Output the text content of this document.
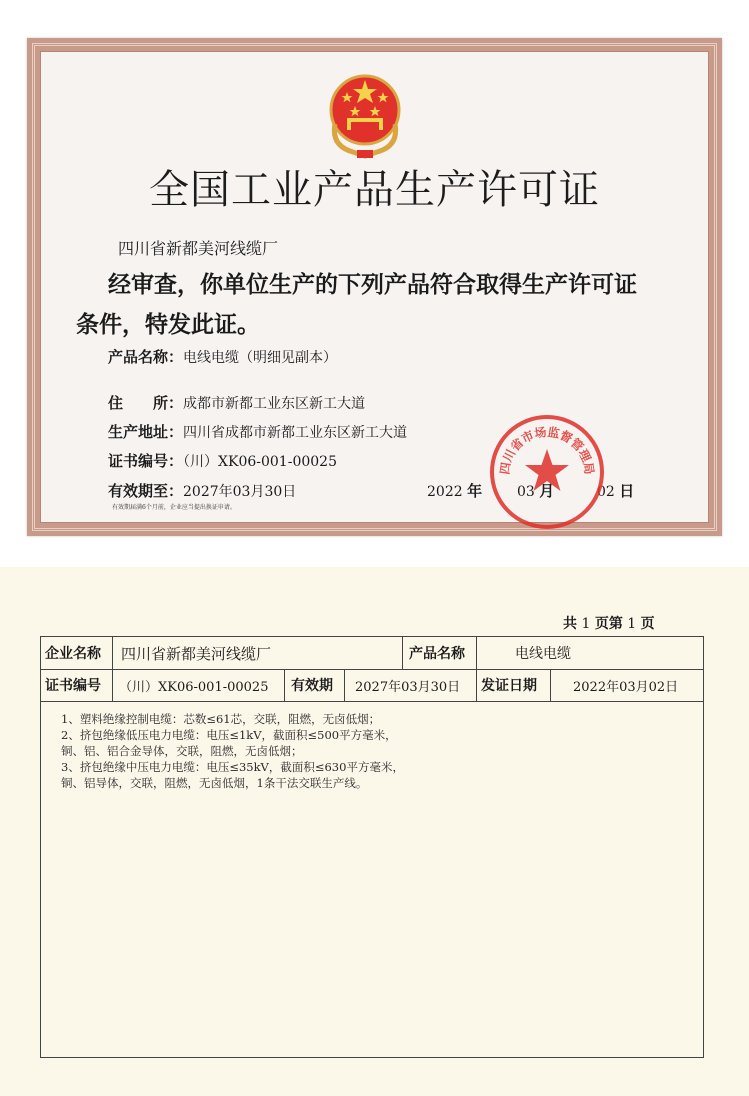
全国工业产品生产许可证
四川省新都美河线缆厂
经审查，你单位生产的下列产品符合取得生产许可证
条件，特发此证。
产品名称：电线电缆（明细见副本）
住　　所：成都市新都工业东区新工大道
生产地址：四川省成都市新都工业东区新工大道
证书编号：（川）XK06-001-00025
有效期至：2027年03月30日	2022 年 03 月	02 日
有效期届满6个月前，企业应当提出换证申请。
四川省市场监督管理局
共 1 页第 1 页
企业名称	四川省新都美河线缆厂	产品名称	电线电缆
证书编号	（川）XK06-001-00025	有效期	2027年03月30日	发证日期	2022年03月02日
1、塑料绝缘控制电缆：芯数≤61芯，交联，阻燃，无卤低烟；
2、挤包绝缘低压电力电缆：电压≤1kV，截面积≤500平方毫米，
铜、铝、铝合金导体，交联，阻燃，无卤低烟；
3、挤包绝缘中压电力电缆：电压≤35kV，截面积≤630平方毫米，
铜、铝导体，交联，阻燃，无卤低烟，1条干法交联生产线。
